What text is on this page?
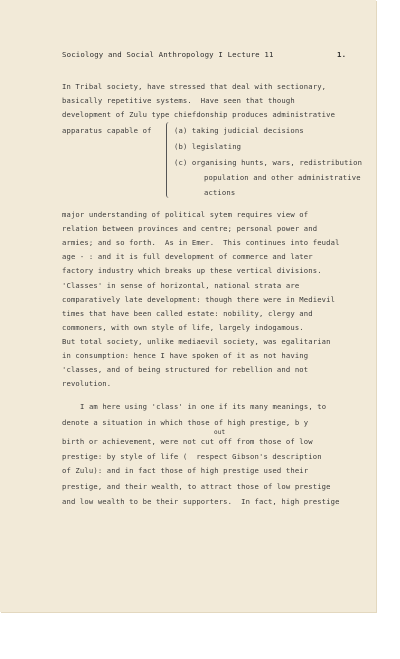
Sociology and Social Anthropology I Lecture 11	1.
In Tribal society, have stressed that deal with sectionary,
basically repetitive systems.  Have seen that though
development of Zulu type chiefdonship produces administrative
apparatus capable of	(a) taking judicial decisions
(b) legislating
(c) organising hunts, wars, redistribution
population and other administrative
actions
major understanding of political sytem requires view of
relation between provinces and centre; personal power and
armies; and so forth.  As in Emer.  This continues into feudal
age - : and it is full development of commerce and later
factory industry which breaks up these vertical divisions.
'Classes' in sense of horizontal, national strata are
comparatively late development: though there were in Medievil
times that have been called estate: nobility, clergy and
commoners, with own style of life, largely indogamous.
But total society, unlike mediaevil society, was egalitarian
in consumption: hence I have spoken of it as not having
'classes, and of being structured for rebellion and not
revolution.
I am here using 'class' in one if its many meanings, to
denote a situation in which those of high prestige, b y
out
birth or achievement, were not cut off from those of low
prestige: by style of life (  respect Gibson's description
of Zulu): and in fact those of high prestige used their
prestige, and their wealth, to attract those of low prestige
and low wealth to be their supporters.  In fact, high prestige
